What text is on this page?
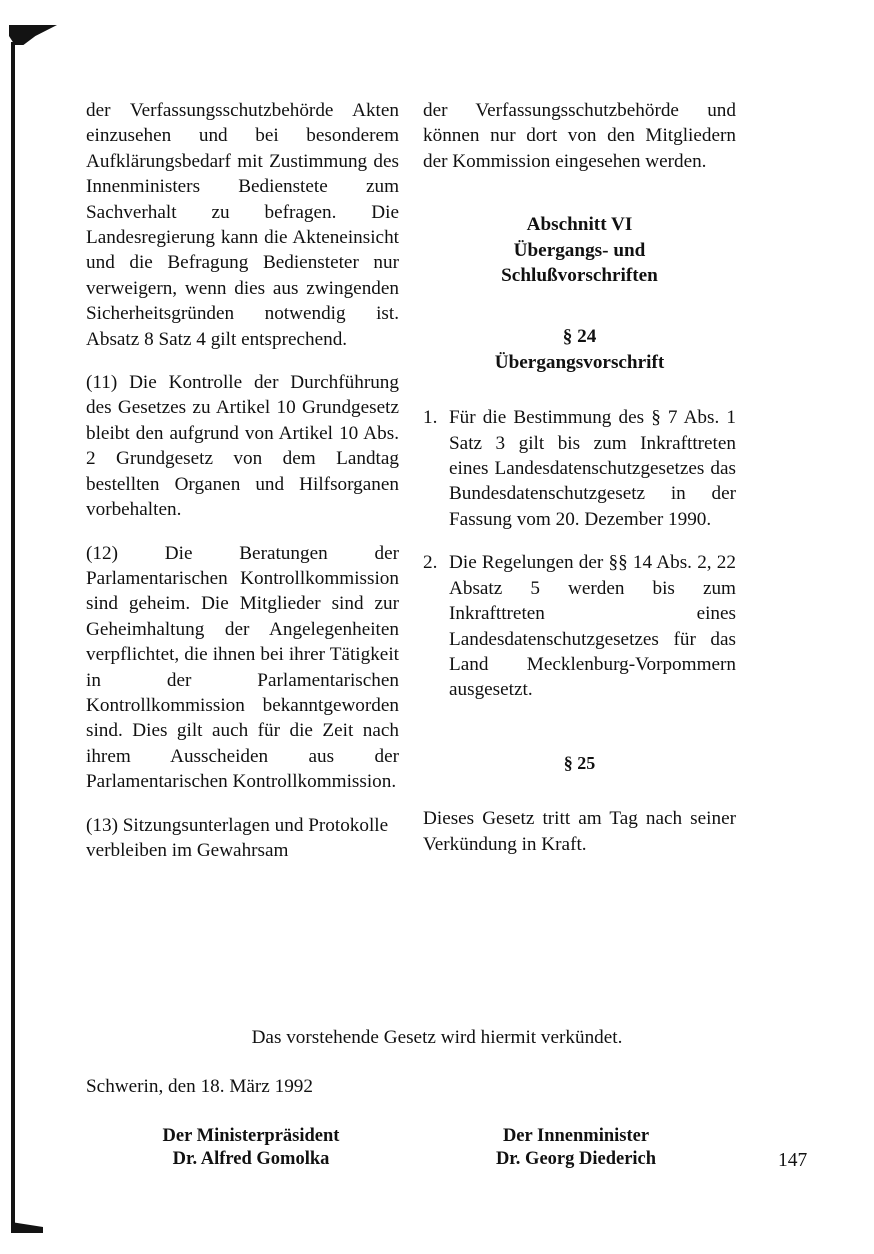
der Verfassungsschutzbehörde Akten einzusehen und bei besonderem Aufklärungsbedarf mit Zustimmung des Innenministers Bedienstete zum Sachverhalt zu befragen. Die Landesregierung kann die Akteneinsicht und die Befragung Bediensteter nur verweigern, wenn dies aus zwingenden Sicherheitsgründen notwendig ist. Absatz 8 Satz 4 gilt entsprechend.

(11) Die Kontrolle der Durchführung des Gesetzes zu Artikel 10 Grundgesetz bleibt den aufgrund von Artikel 10 Abs. 2 Grundgesetz von dem Landtag bestellten Organen und Hilfsorganen vorbehalten.

(12) Die Beratungen der Parlamentarischen Kontrollkommission sind geheim. Die Mitglieder sind zur Geheimhaltung der Angelegenheiten verpflichtet, die ihnen bei ihrer Tätigkeit in der Parlamentarischen Kontrollkommission bekanntgeworden sind. Dies gilt auch für die Zeit nach ihrem Ausscheiden aus der Parlamentarischen Kontrollkommission.

(13) Sitzungsunterlagen und Protokolle verbleiben im Gewahrsam

der Verfassungsschutzbehörde und können nur dort von den Mitgliedern der Kommission eingesehen werden.

Abschnitt VI
Übergangs- und
Schlußvorschriften
§ 24
Übergangsvorschrift
1. Für die Bestimmung des § 7 Abs. 1 Satz 3 gilt bis zum Inkrafttreten eines Landesdatenschutzgesetzes das Bundesdatenschutzgesetz in der Fassung vom 20. Dezember 1990.
2. Die Regelungen der §§ 14 Abs. 2, 22 Absatz 5 werden bis zum Inkrafttreten eines Landesdatenschutzgesetzes für das Land Mecklenburg-Vorpommern ausgesetzt.
§ 25

Dieses Gesetz tritt am Tag nach seiner Verkündung in Kraft.

Das vorstehende Gesetz wird hiermit verkündet.
Schwerin, den 18. März 1992
Der Ministerpräsident
Dr. Alfred Gomolka
Der Innenminister
Dr. Georg Diederich	147
